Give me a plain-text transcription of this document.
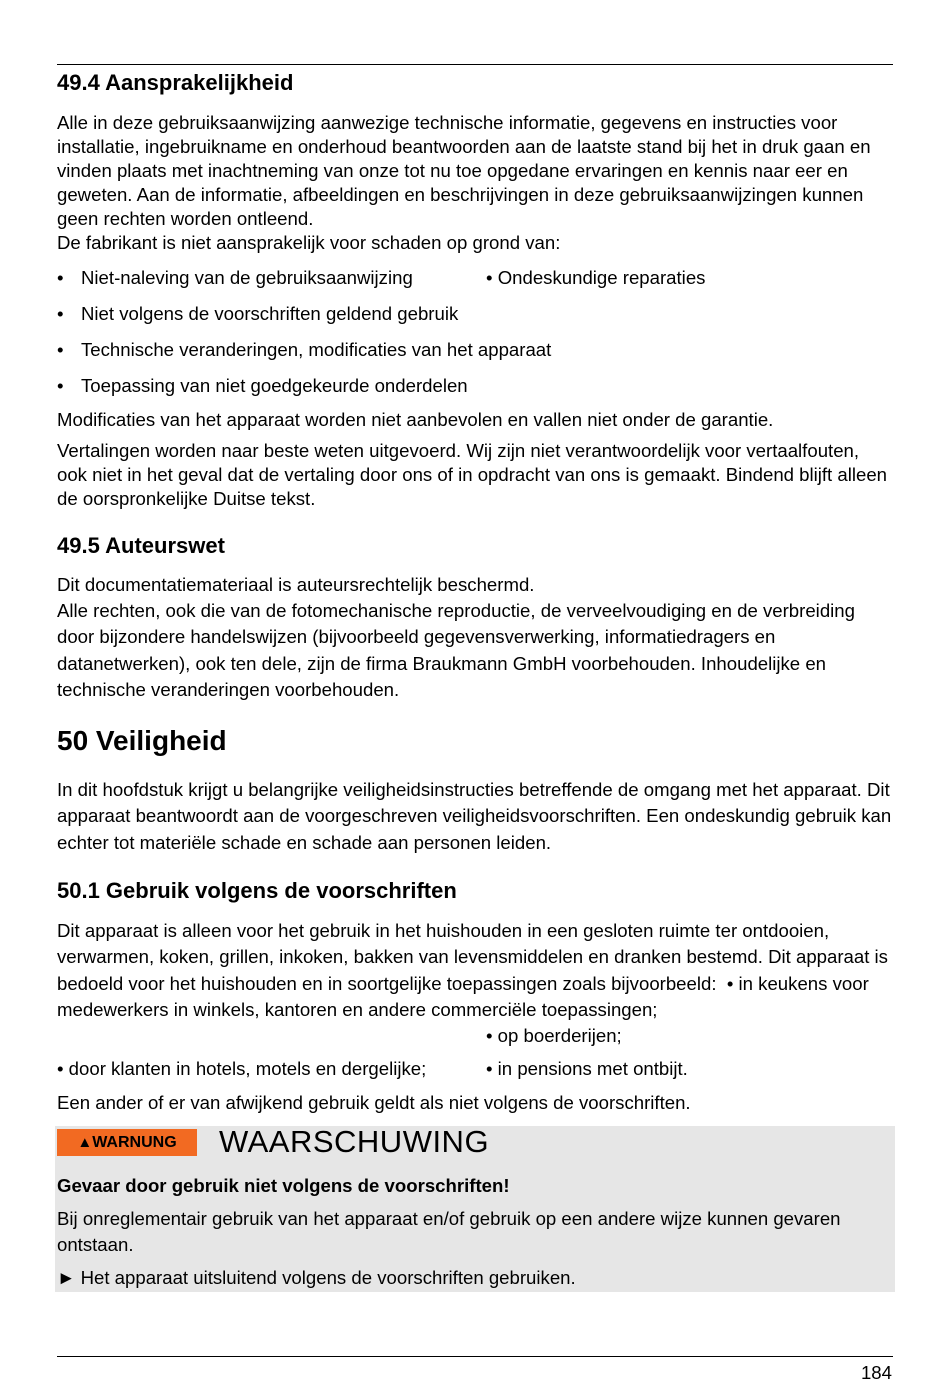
49.4 Aansprakelijkheid

Alle in deze gebruiksaanwijzing aanwezige technische informatie, gegevens en instructies voor installatie, ingebruikname en onderhoud beantwoorden aan de laatste stand bij het in druk gaan en vinden plaats met inachtneming van onze tot nu toe opgedane ervaringen en kennis naar eer en geweten. Aan de informatie, afbeeldingen en beschrijvingen in deze gebruiksaanwijzingen kunnen geen rechten worden ontleend.

De fabrikant is niet aansprakelijk voor schaden op grond van:

• Niet-naleving van de gebruiksaanwijzing	• Ondeskundige reparaties
• Niet volgens de voorschriften geldend gebruik
• Technische veranderingen, modificaties van het apparaat
• Toepassing van niet goedgekeurde onderdelen

Modificaties van het apparaat worden niet aanbevolen en vallen niet onder de garantie.

Vertalingen worden naar beste weten uitgevoerd. Wij zijn niet verantwoordelijk voor vertaalfouten, ook niet in het geval dat de vertaling door ons of in opdracht van ons is gemaakt. Bindend blijft alleen de oorspronkelijke Duitse tekst.

49.5 Auteurswet

Dit documentatiemateriaal is auteursrechtelijk beschermd.

Alle rechten, ook die van de fotomechanische reproductie, de verveelvoudiging en de verbreiding door bijzondere handelswijzen (bijvoorbeeld gegevensverwerking, informatiedragers en datanetwerken), ook ten dele, zijn de firma Braukmann GmbH voorbehouden. Inhoudelijke en technische veranderingen voorbehouden.

50 Veiligheid

In dit hoofdstuk krijgt u belangrijke veiligheidsinstructies betreffende de omgang met het apparaat. Dit apparaat beantwoordt aan de voorgeschreven veiligheidsvoorschriften. Een ondeskundig gebruik kan echter tot materiële schade en schade aan personen leiden.

50.1 Gebruik volgens de voorschriften

Dit apparaat is alleen voor het gebruik in het huishouden in een gesloten ruimte ter ontdooien, verwarmen, koken, grillen, inkoken, bakken van levensmiddelen en dranken bestemd. Dit apparaat is bedoeld voor het huishouden en in soortgelijke toepassingen zoals bijvoorbeeld: • in keukens voor medewerkers in winkels, kantoren en andere commerciële toepassingen;

• op boerderijen;
• door klanten in hotels, motels en dergelijke;	• in pensions met ontbijt.

Een ander of er van afwijkend gebruik geldt als niet volgens de voorschriften.

▲WARNUNG	WAARSCHUWING

Gevaar door gebruik niet volgens de voorschriften!

Bij onreglementair gebruik van het apparaat en/of gebruik op een andere wijze kunnen gevaren ontstaan.

► Het apparaat uitsluitend volgens de voorschriften gebruiken.

184
